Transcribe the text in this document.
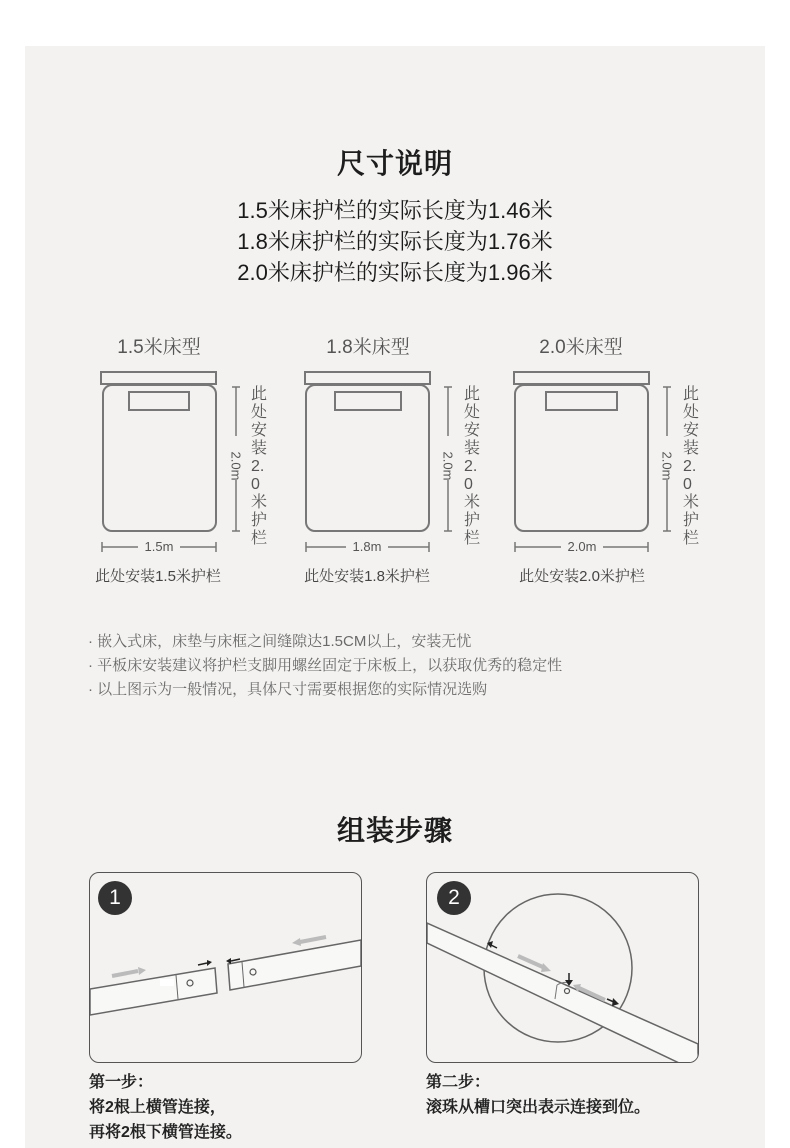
尺寸说明
1.5米床护栏的实际长度为1.46米
1.8米床护栏的实际长度为1.76米
2.0米床护栏的实际长度为1.96米
1.5米床型
2.0m
此处安装2.0米护栏
1.5m
此处安装1.5米护栏
1.8米床型
2.0m
此处安装2.0米护栏
1.8m
此处安装1.8米护栏
2.0米床型
2.0m
此处安装2.0米护栏
2.0m
此处安装2.0米护栏
· 嵌入式床，床垫与床框之间缝隙达1.5CM以上，安装无忧
· 平板床安装建议将护栏支脚用螺丝固定于床板上，以获取优秀的稳定性
· 以上图示为一般情况，具体尺寸需要根据您的实际情况选购
组装步骤
1
第一步：
将2根上横管连接，
再将2根下横管连接。
2
第二步：
滚珠从槽口突出表示连接到位。
